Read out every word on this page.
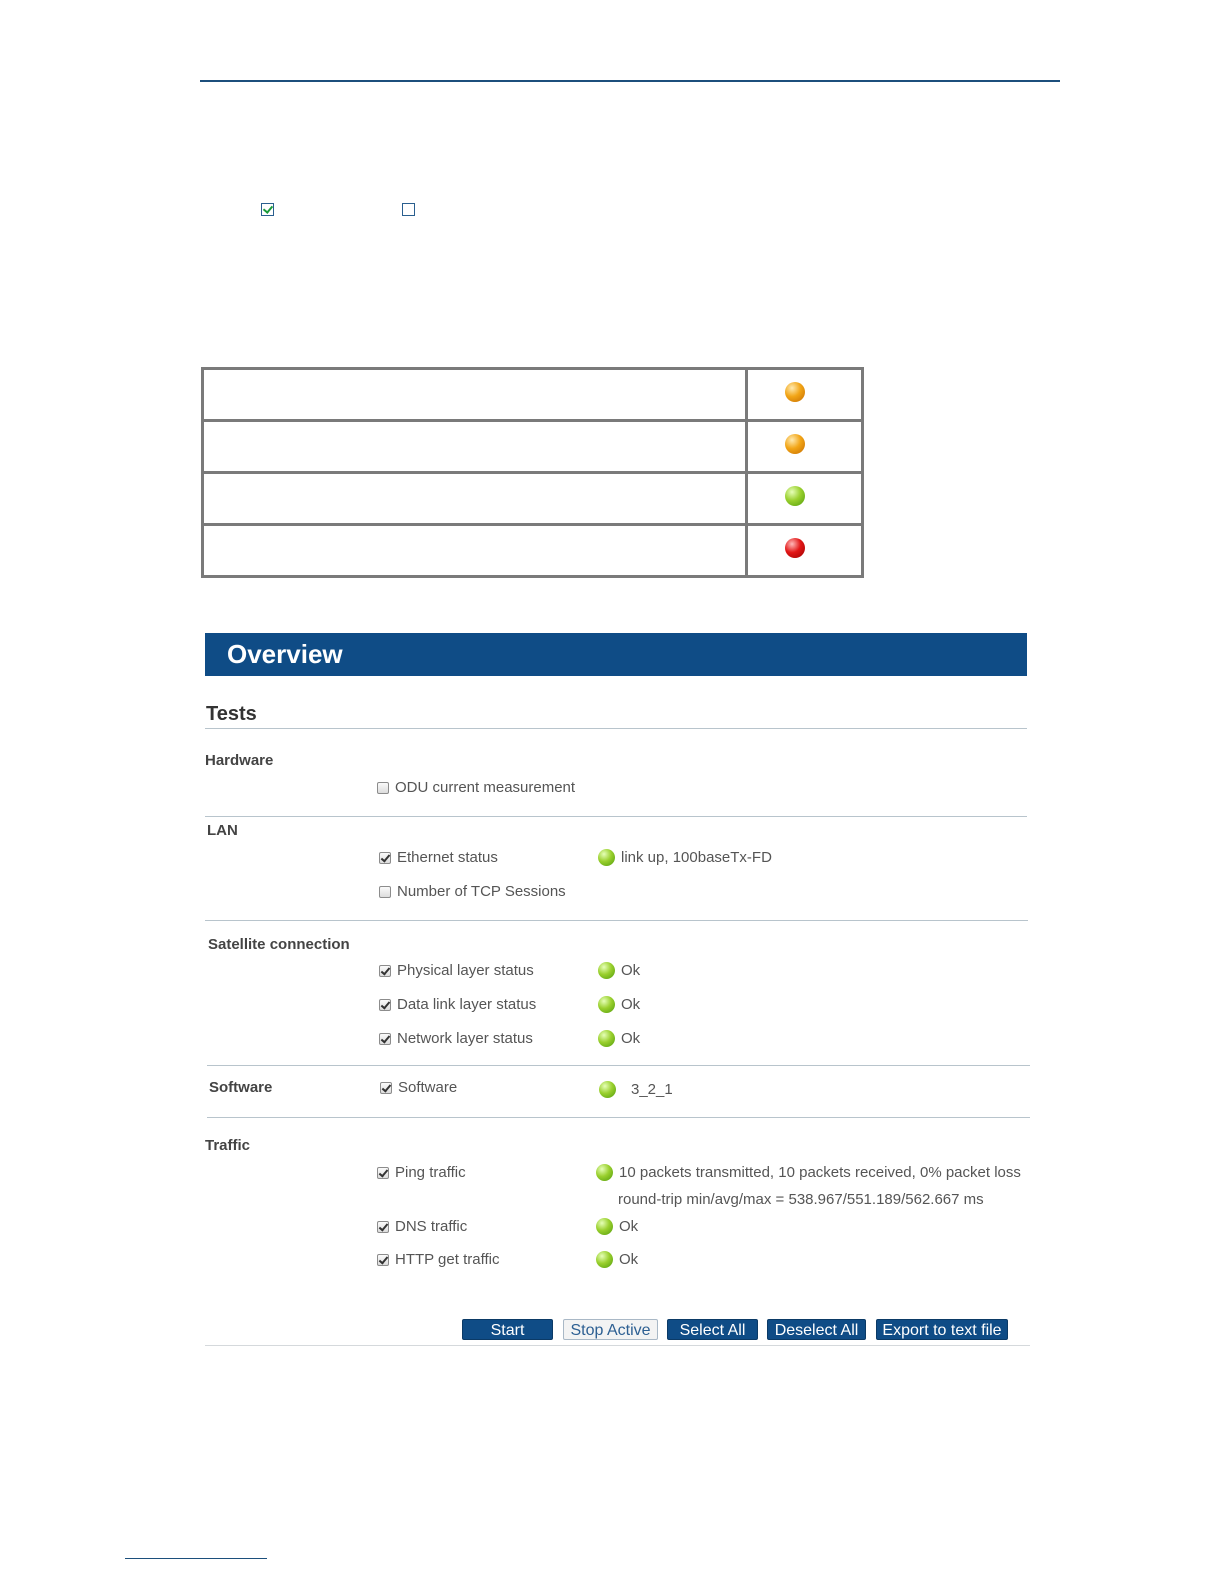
Overview
Tests
Hardware
ODU current measurement
LAN
Ethernet status	link up, 100baseTx-FD
Number of TCP Sessions
Satellite connection
Physical layer status	Ok
Data link layer status	Ok
Network layer status	Ok
Software	Software	3_2_1
Traffic
Ping traffic	10 packets transmitted, 10 packets received, 0% packet loss
round-trip min/avg/max = 538.967/551.189/562.667 ms
DNS traffic	Ok
HTTP get traffic	Ok
Start	Stop Active	Select All	Deselect All	Export to text file
